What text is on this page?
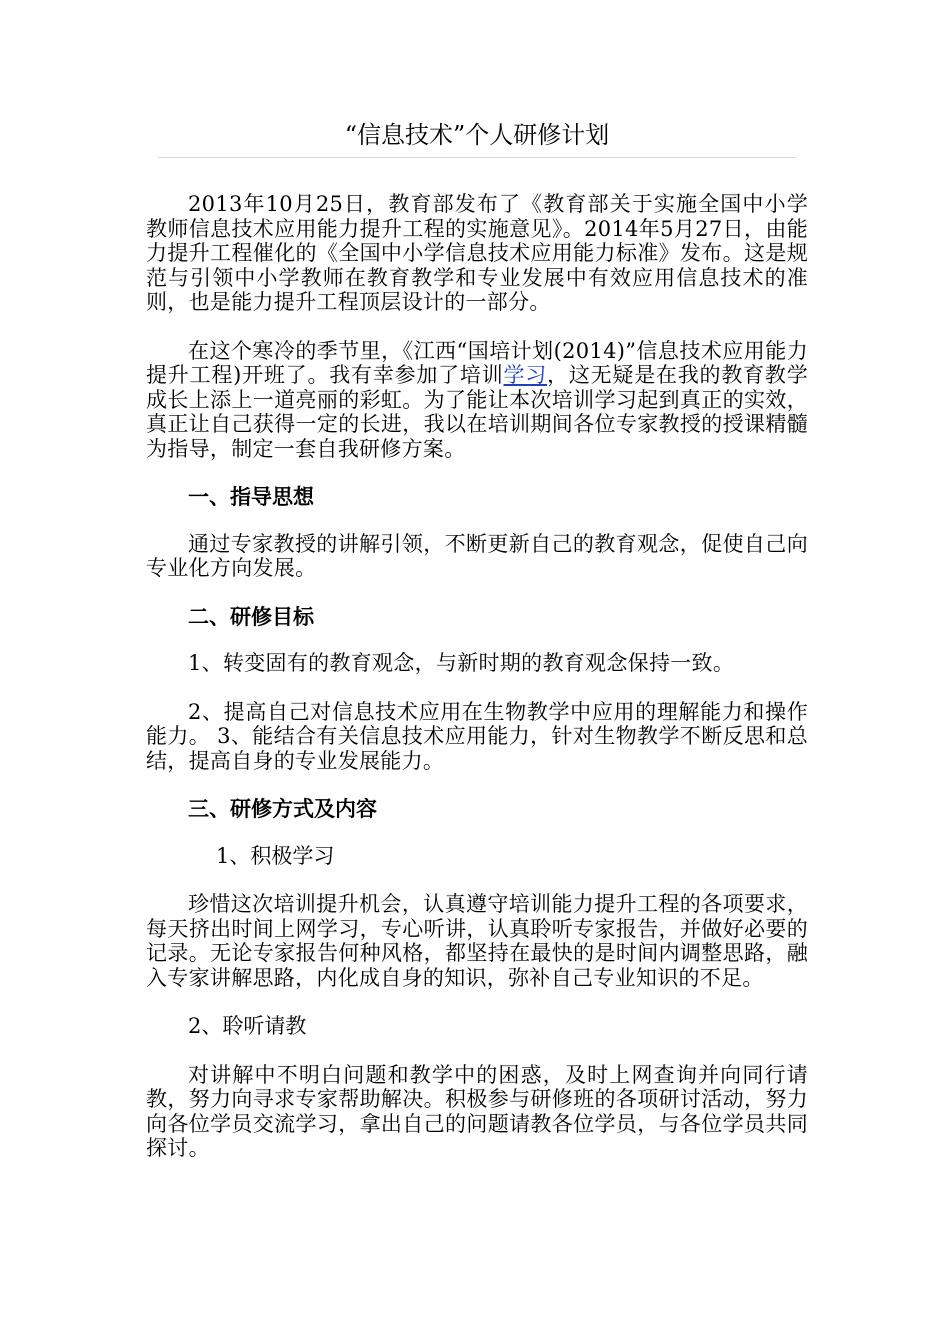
“信息技术”个人研修计划

2013年10月25日，教育部发布了《教育部关于实施全国中小学教师信息技术应用能力提升工程的实施意见》。2014年5月27日，由能力提升工程催化的《全国中小学信息技术应用能力标准》发布。这是规范与引领中小学教师在教育教学和专业发展中有效应用信息技术的准则，也是能力提升工程顶层设计的一部分。

在这个寒冷的季节里，《江西“国培计划(2014)”信息技术应用能力提升工程)开班了。我有幸参加了培训学习，这无疑是在我的教育教学成长上添上一道亮丽的彩虹。为了能让本次培训学习起到真正的实效，真正让自己获得一定的长进，我以在培训期间各位专家教授的授课精髓为指导，制定一套自我研修方案。

一、指导思想

通过专家教授的讲解引领，不断更新自己的教育观念，促使自己向专业化方向发展。

二、研修目标

1、转变固有的教育观念，与新时期的教育观念保持一致。

2、提高自己对信息技术应用在生物教学中应用的理解能力和操作能力。 3、能结合有关信息技术应用能力，针对生物教学不断反思和总结，提高自身的专业发展能力。

三、研修方式及内容

1、积极学习

珍惜这次培训提升机会，认真遵守培训能力提升工程的各项要求，每天挤出时间上网学习，专心听讲，认真聆听专家报告，并做好必要的记录。无论专家报告何种风格，都坚持在最快的是时间内调整思路，融入专家讲解思路，内化成自身的知识，弥补自己专业知识的不足。

2、聆听请教

对讲解中不明白问题和教学中的困惑，及时上网查询并向同行请教，努力向寻求专家帮助解决。积极参与研修班的各项研讨活动，努力向各位学员交流学习，拿出自己的问题请教各位学员，与各位学员共同探讨。
